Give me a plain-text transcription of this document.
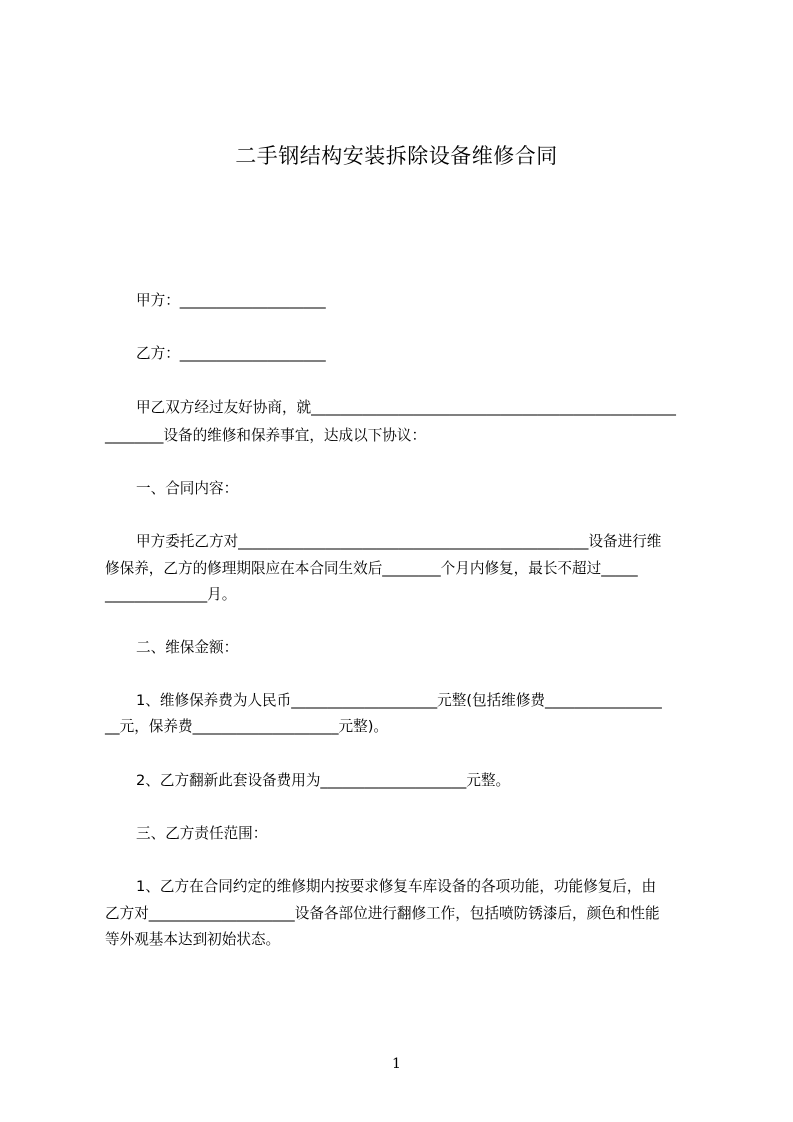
二手钢结构安装拆除设备维修合同
甲方：____________________
乙方：____________________
甲乙双方经过友好协商，就__________________________________________________
________设备的维修和保养事宜，达成以下协议：
一、合同内容：
甲方委托乙方对________________________________________________设备进行维
修保养，乙方的修理期限应在本合同生效后________个月内修复，最长不超过_____
______________月。
二、维保金额：
1、维修保养费为人民币____________________元整(包括维修费________________
__元，保养费____________________元整)。
2、乙方翻新此套设备费用为____________________元整。
三、乙方责任范围：
1、乙方在合同约定的维修期内按要求修复车库设备的各项功能，功能修复后，由
乙方对____________________设备各部位进行翻修工作，包括喷防锈漆后，颜色和性能
等外观基本达到初始状态。
1
